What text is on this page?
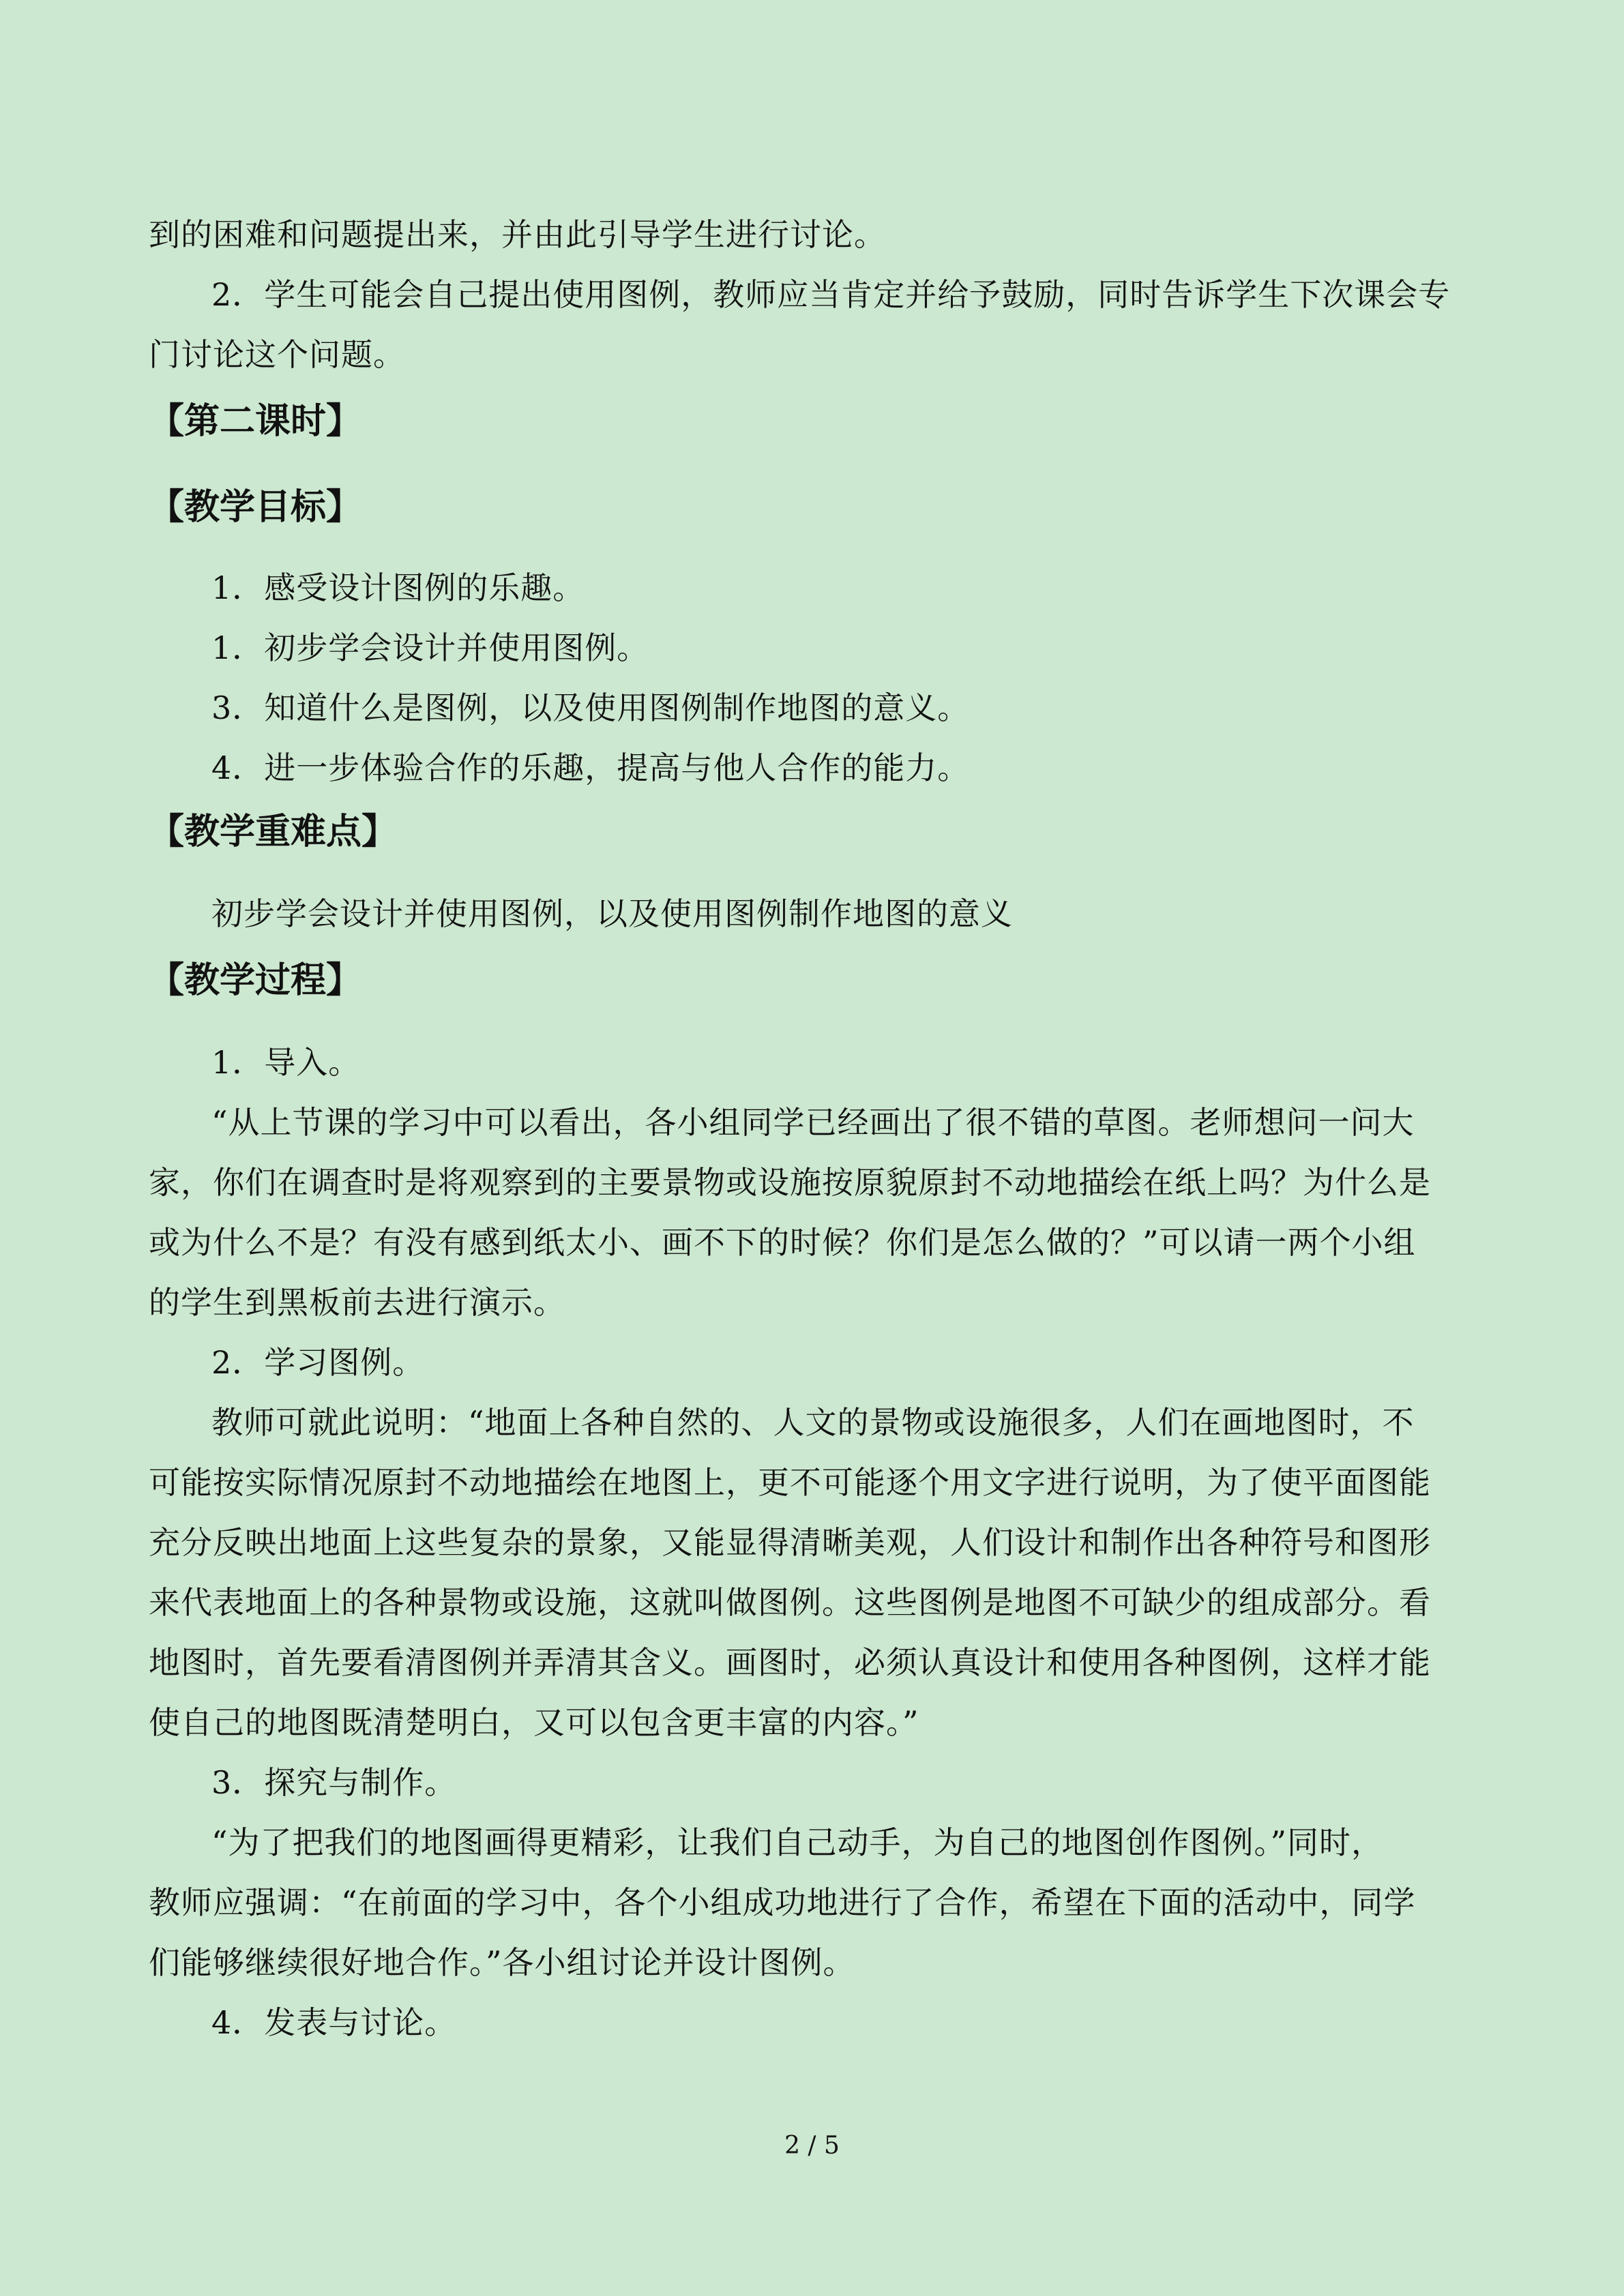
到的困难和问题提出来，并由此引导学生进行讨论。
2．学生可能会自己提出使用图例，教师应当肯定并给予鼓励，同时告诉学生下次课会专
门讨论这个问题。
【第二课时】
【教学目标】
1．感受设计图例的乐趣。
1．初步学会设计并使用图例。
3．知道什么是图例，以及使用图例制作地图的意义。
4．进一步体验合作的乐趣，提高与他人合作的能力。
【教学重难点】
初步学会设计并使用图例，以及使用图例制作地图的意义
【教学过程】
1．导入。
“从上节课的学习中可以看出，各小组同学已经画出了很不错的草图。老师想问一问大
家，你们在调查时是将观察到的主要景物或设施按原貌原封不动地描绘在纸上吗？为什么是
或为什么不是？有没有感到纸太小、画不下的时候？你们是怎么做的？”可以请一两个小组
的学生到黑板前去进行演示。
2．学习图例。
教师可就此说明：“地面上各种自然的、人文的景物或设施很多，人们在画地图时，不
可能按实际情况原封不动地描绘在地图上，更不可能逐个用文字进行说明，为了使平面图能
充分反映出地面上这些复杂的景象，又能显得清晰美观，人们设计和制作出各种符号和图形
来代表地面上的各种景物或设施，这就叫做图例。这些图例是地图不可缺少的组成部分。看
地图时，首先要看清图例并弄清其含义。画图时，必须认真设计和使用各种图例，这样才能
使自己的地图既清楚明白，又可以包含更丰富的内容。”
3．探究与制作。
“为了把我们的地图画得更精彩，让我们自己动手，为自己的地图创作图例。”同时，
教师应强调：“在前面的学习中，各个小组成功地进行了合作，希望在下面的活动中，同学
们能够继续很好地合作。”各小组讨论并设计图例。
4．发表与讨论。
2 / 5
